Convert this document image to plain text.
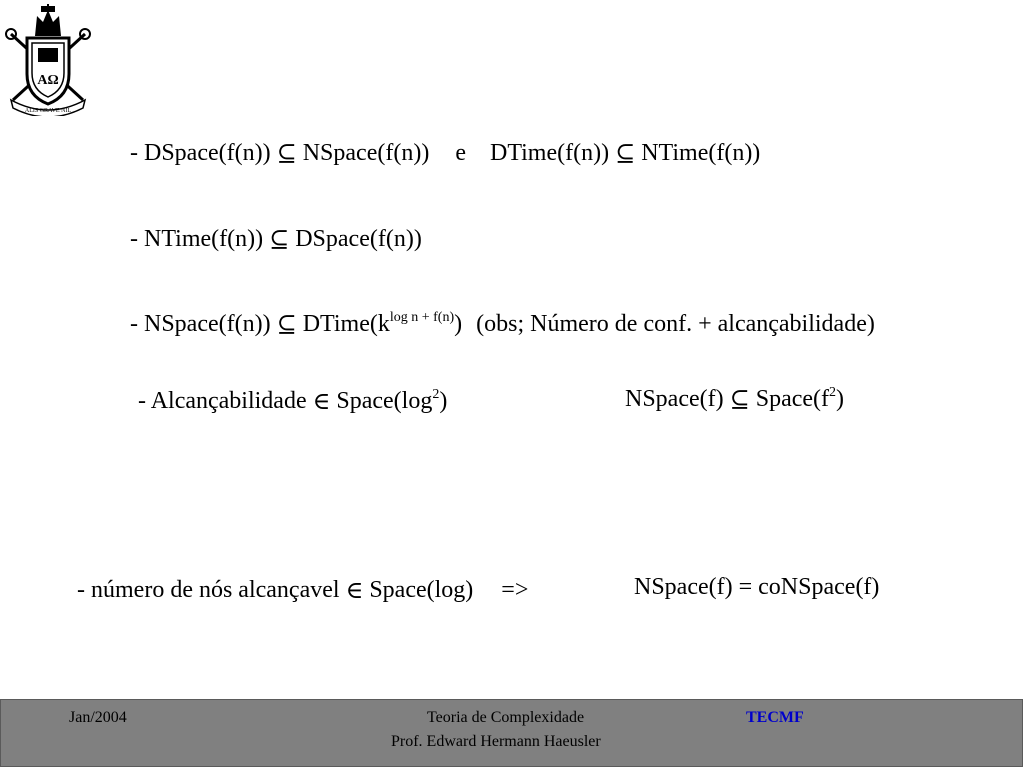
AΩ
ALIS GRAVE NIL
- DSpace(f(n)) ⊆ NSpace(f(n)) e DTime(f(n)) ⊆ NTime(f(n))
- NTime(f(n)) ⊆ DSpace(f(n))
- NSpace(f(n)) ⊆ $DTime(k^{log n + f(n)})$ (obs; Número de conf. + alcançabilidade)
- Alcançabilidade ∈ $Space(\log^2)$	NSpace(f) ⊆ $Space(f^2)$
- número de nós alcançavel ∈ Space(log) =>	NSpace(f) = coNSpace(f)
Jan/2004	Teoria de Complexidade	TECMF
Prof. Edward Hermann Haeusler
